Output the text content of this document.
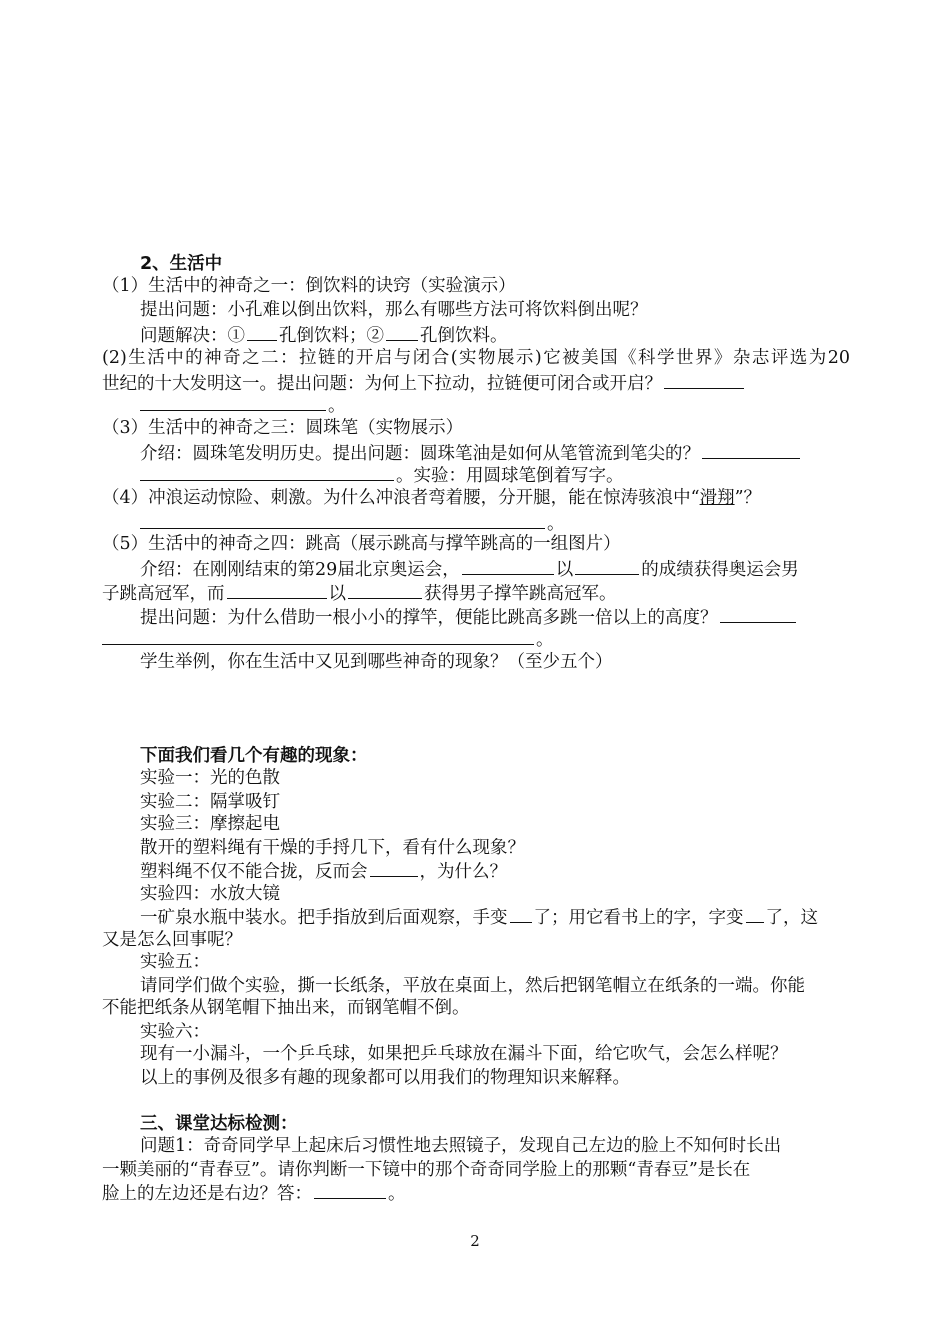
2、生活中
（1）生活中的神奇之一：倒饮料的诀窍（实验演示）
提出问题：小孔难以倒出饮料，那么有哪些方法可将饮料倒出呢？
问题解决：① 孔倒饮料；② 孔倒饮料。
(2)生活中的神奇之二：拉链的开启与闭合(实物展示)它被美国《科学世界》杂志评选为20
世纪的十大发明这一。提出问题：为何上下拉动，拉链便可闭合或开启？
。
（3）生活中的神奇之三：圆珠笔（实物展示）
介绍：圆珠笔发明历史。提出问题：圆珠笔油是如何从笔管流到笔尖的？
。实验：用圆球笔倒着写字。
（4）冲浪运动惊险、刺激。为什么冲浪者弯着腰，分开腿，能在惊涛骇浪中“滑翔”？
。
（5）生活中的神奇之四：跳高（展示跳高与撑竿跳高的一组图片）
介绍：在刚刚结束的第29届北京奥运会，	以	的成绩获得奥运会男
子跳高冠军，而	以	获得男子撑竿跳高冠军。
提出问题：为什么借助一根小小的撑竿，便能比跳高多跳一倍以上的高度？
。
学生举例，你在生活中又见到哪些神奇的现象？（至少五个）
下面我们看几个有趣的现象：
实验一：光的色散
实验二：隔掌吸钉
实验三：摩擦起电
散开的塑料绳有干燥的手捋几下，看有什么现象？
塑料绳不仅不能合拢，反而会	，为什么？
实验四：水放大镜
一矿泉水瓶中装水。把手指放到后面观察，手变 了；用它看书上的字，字变 了，这
又是怎么回事呢？
实验五：
请同学们做个实验，撕一长纸条，平放在桌面上，然后把钢笔帽立在纸条的一端。你能
不能把纸条从钢笔帽下抽出来，而钢笔帽不倒。
实验六：
现有一小漏斗，一个乒乓球，如果把乒乓球放在漏斗下面，给它吹气，会怎么样呢？
以上的事例及很多有趣的现象都可以用我们的物理知识来解释。
三、课堂达标检测：
问题1：奇奇同学早上起床后习惯性地去照镜子，发现自己左边的脸上不知何时长出
一颗美丽的“青春豆”。请你判断一下镜中的那个奇奇同学脸上的那颗“青春豆”是长在
脸上的左边还是右边？答：	。
2
